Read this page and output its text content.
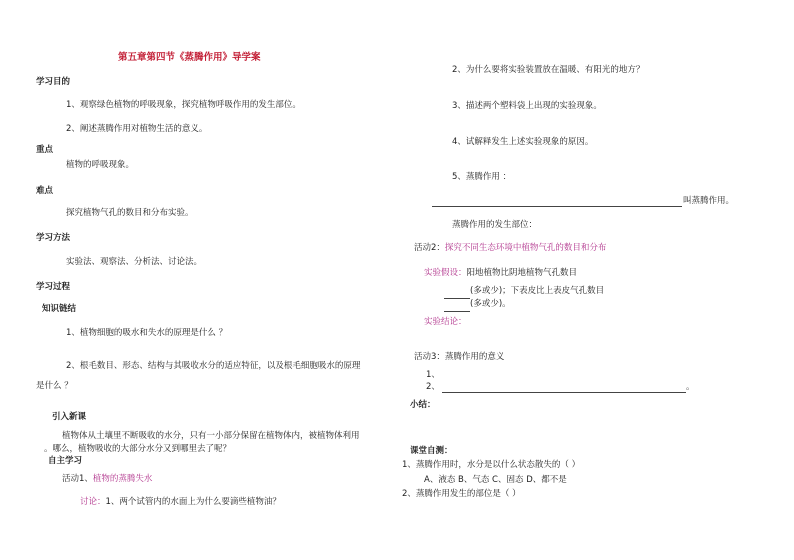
第五章第四节《蒸腾作用》导学案
学习目的
1、观察绿色植物的呼吸现象，探究植物呼吸作用的发生部位。
2、阐述蒸腾作用对植物生活的意义。
重点
植物的呼吸现象。
难点
探究植物气孔的数目和分布实验。
学习方法
实验法、观察法、分析法、讨论法。
学习过程
知识链结
1、植物细胞的吸水和失水的原理是什么 ？
2、根毛数目、形态、结构与其吸收水分的适应特征，以及根毛细胞吸水的原理
是什么 ？
引入新课
植物体从土壤里不断吸收的水分，只有一小部分保留在植物体内，被植物体利用
。哪么，植物吸收的大部分水分又到哪里去了呢？
自主学习
活动1、植物的蒸腾失水
讨论：1、两个试管内的水面上为什么要滴些植物油？
2、为什么要将实验装置放在温暖、有阳光的地方？
3、描述两个塑料袋上出现的实验现象。
4、试解释发生上述实验现象的原因。
5、蒸腾作用 ：
叫蒸腾作用。
蒸腾作用的发生部位：
活动2：探究不同生态环境中植物气孔的数目和分布
实验假设：阳地植物比阴地植物气孔数目
(多或少)；下表皮比上表皮气孔数目
(多或少)。
实验结论：
活动3：蒸腾作用的意义
1、
2、	。
小结：
课堂自测：
1、蒸腾作用时，水分是以什么状态散失的（ ）
A、液态 B、气态 C、固态 D、都不是
2、蒸腾作用发生的部位是（ ）
